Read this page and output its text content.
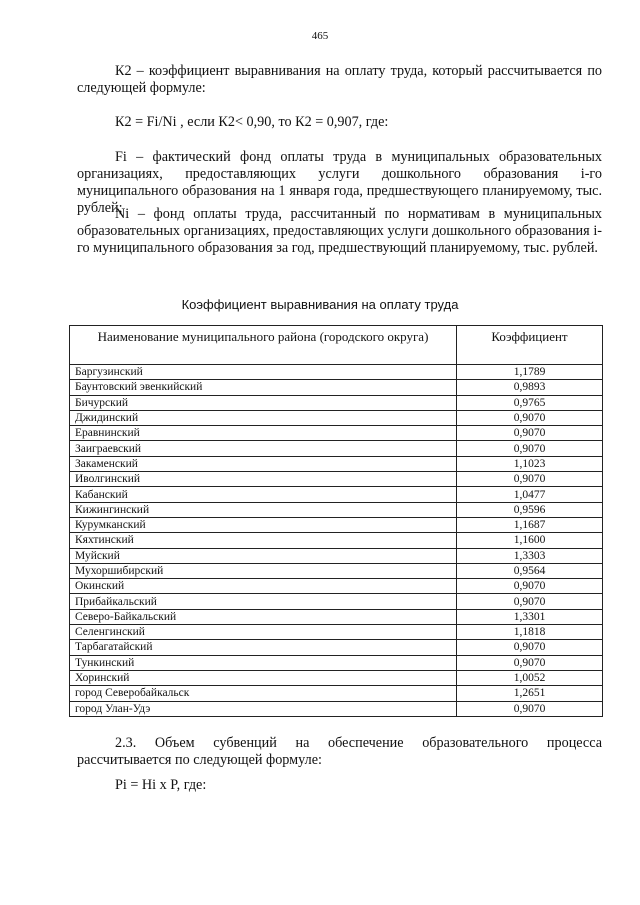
465
К2 – коэффициент выравнивания на оплату труда, который рассчитывается по следующей формуле:
К2 = Fi/Ni , если К2< 0,90, то К2 = 0,907, где:
Fi – фактический фонд оплаты труда в муниципальных образовательных организациях, предоставляющих услуги дошкольного образования i-го муниципального образования на 1 января года, предшествующего планируемому, тыс. рублей;
Ni – фонд оплаты труда, рассчитанный по нормативам в муниципальных образовательных организациях, предоставляющих услуги дошкольного образования i-го муниципального образования за год, предшествующий планируемому, тыс. рублей.
Коэффициент выравнивания на оплату труда
Наименование муниципального района (городского округа)	Коэффициент
Баргузинский	1,1789
Баунтовский эвенкийский	0,9893
Бичурский	0,9765
Джидинский	0,9070
Еравнинский	0,9070
Заиграевский	0,9070
Закаменский	1,1023
Иволгинский	0,9070
Кабанский	1,0477
Кижингинский	0,9596
Курумканский	1,1687
Кяхтинский	1,1600
Муйский	1,3303
Мухоршибирский	0,9564
Окинский	0,9070
Прибайкальский	0,9070
Северо-Байкальский	1,3301
Селенгинский	1,1818
Тарбагатайский	0,9070
Тункинский	0,9070
Хоринский	1,0052
город Северобайкальск	1,2651
город Улан-Удэ	0,9070
2.3. Объем субвенций на обеспечение образовательного процесса рассчитывается по следующей формуле:
Pi = Hi х P, где:
